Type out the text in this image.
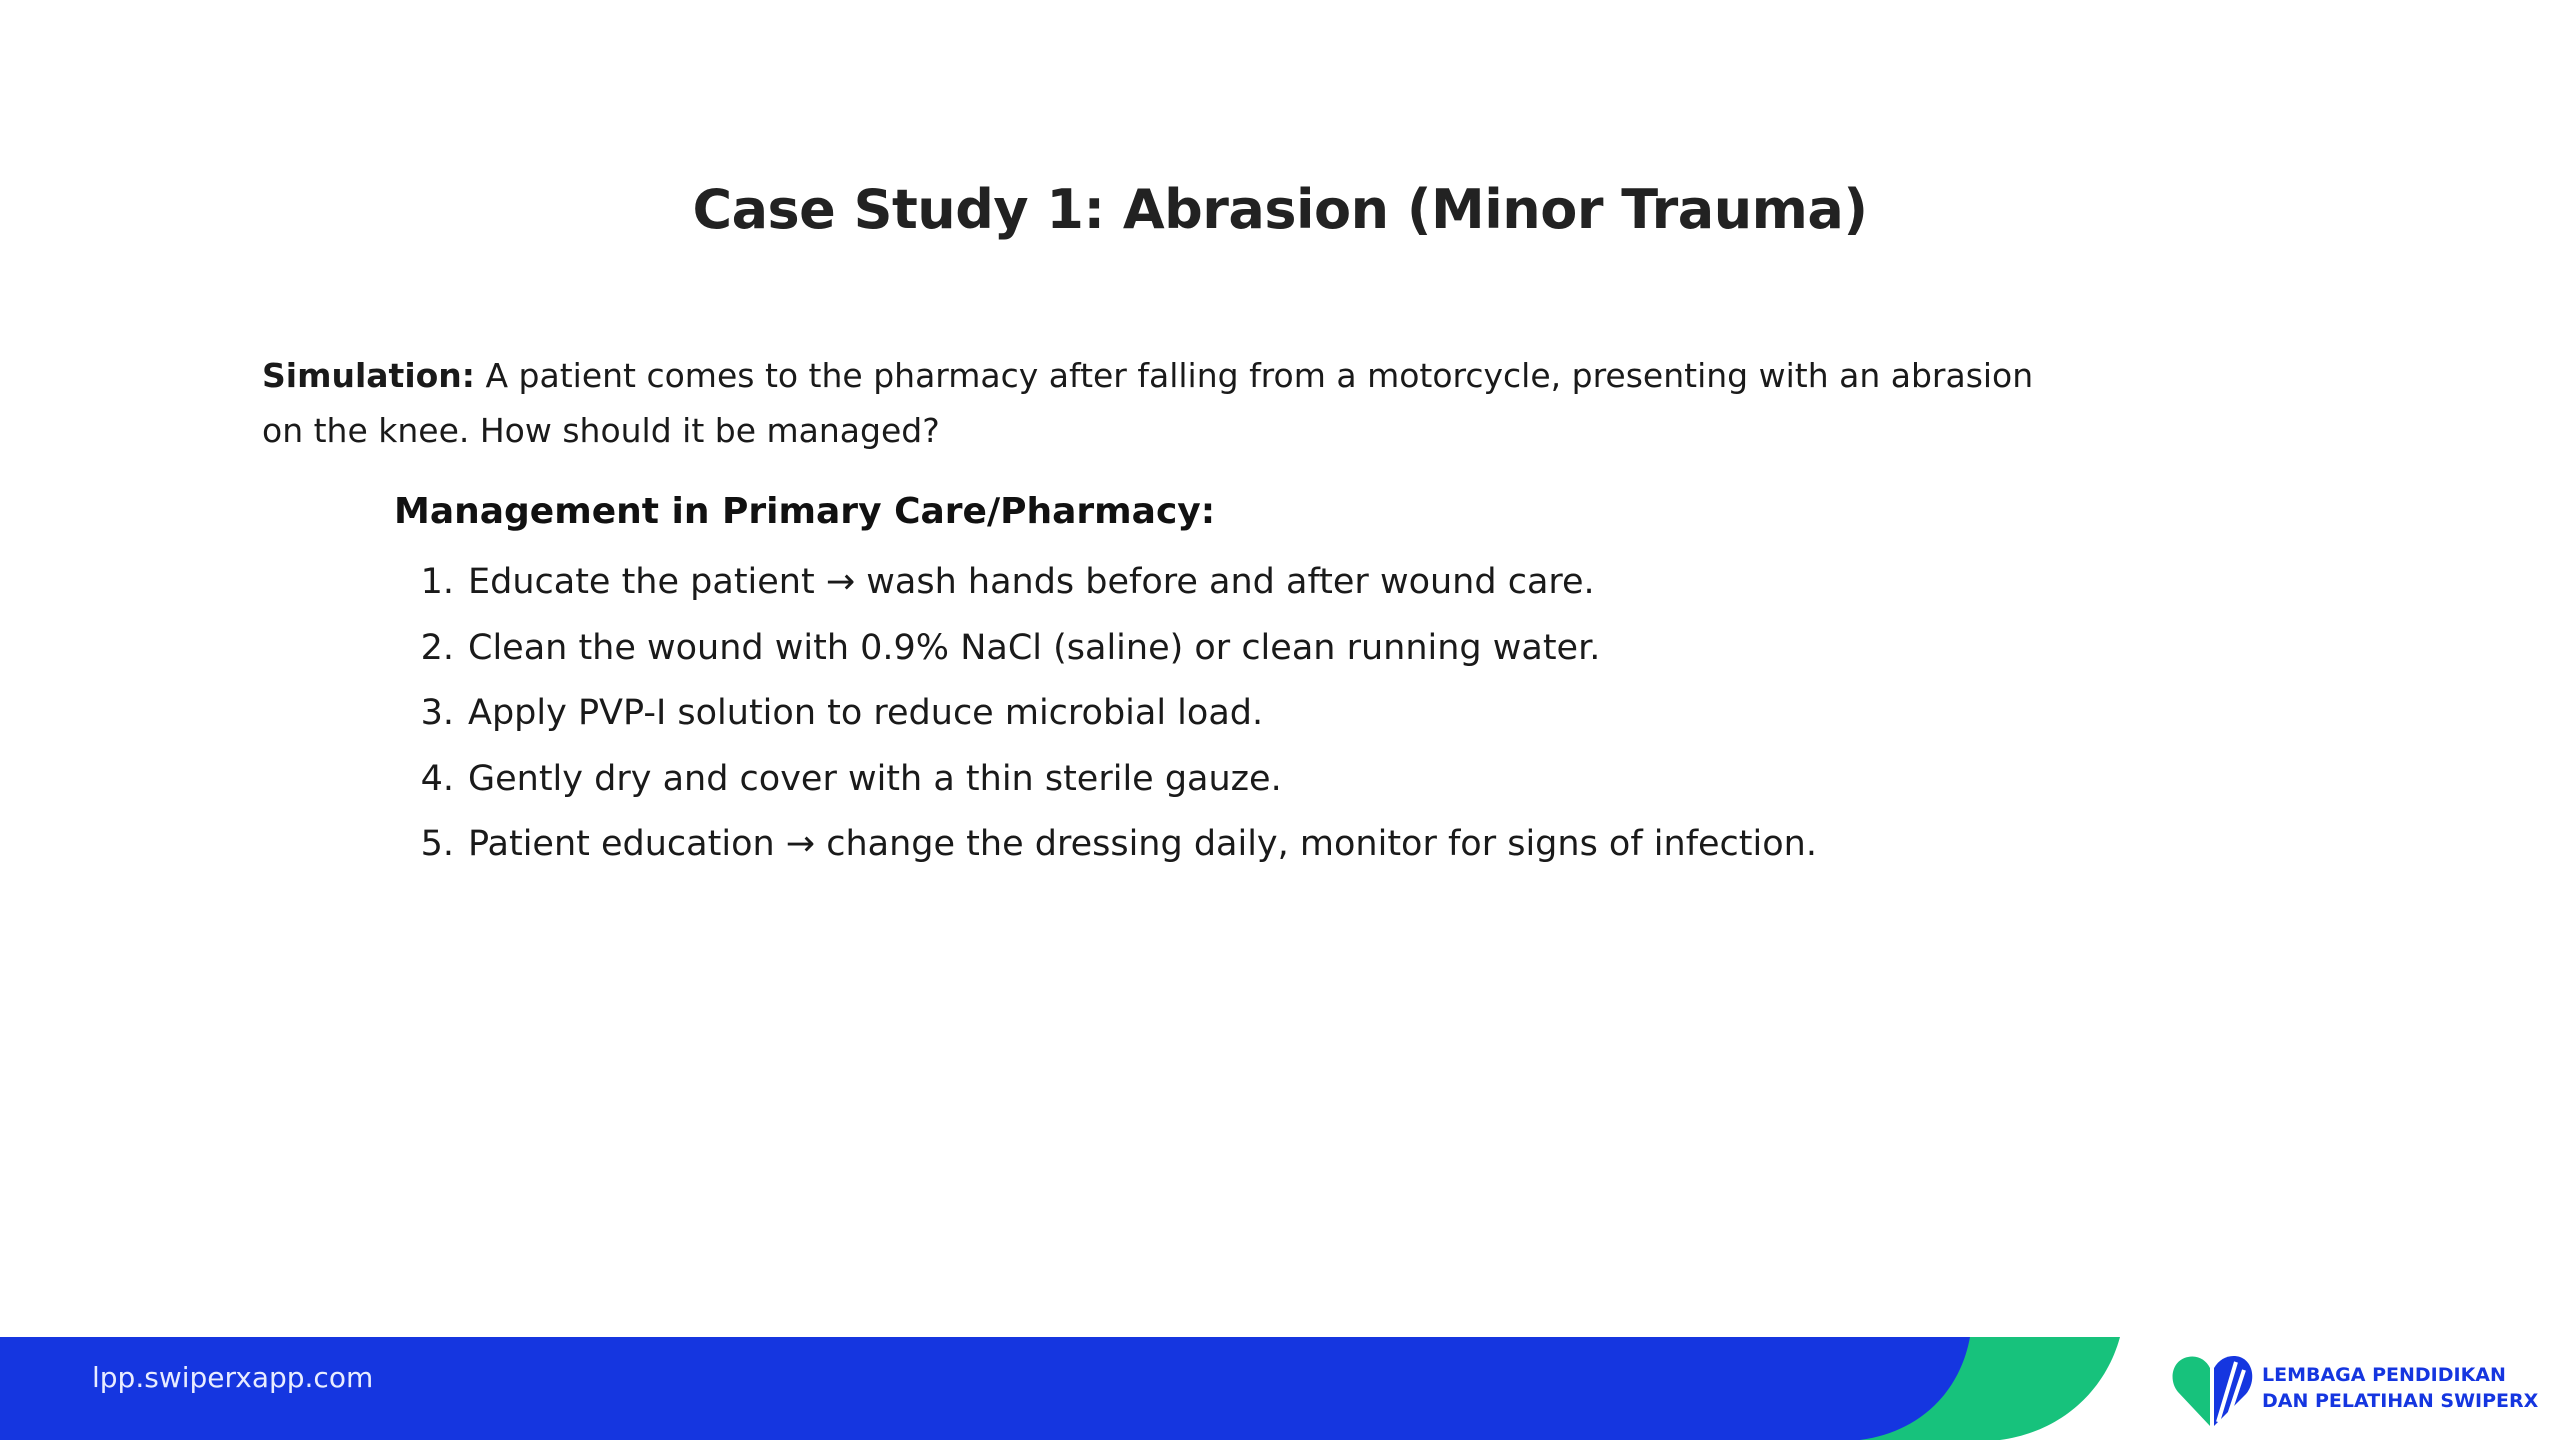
Case Study 1: Abrasion (Minor Trauma)

Simulation: A patient comes to the pharmacy after falling from a motorcycle, presenting with an abrasion on the knee. How should it be managed?

Management in Primary Care/Pharmacy:
1. Educate the patient → wash hands before and after wound care.
2. Clean the wound with 0.9% NaCl (saline) or clean running water.
3. Apply PVP-I solution to reduce microbial load.
4. Gently dry and cover with a thin sterile gauze.
5. Patient education → change the dressing daily, monitor for signs of infection.
lpp.swiperxapp.com	LEMBAGA PENDIDIKAN
DAN PELATIHAN SWIPERX
